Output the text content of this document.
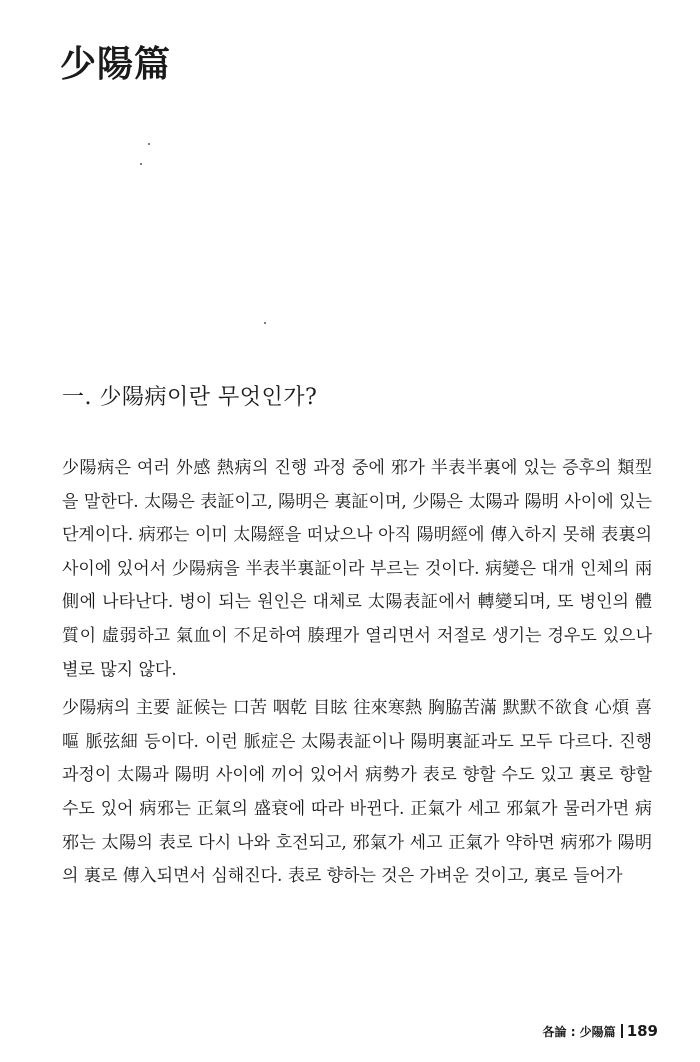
少陽篇
一. 少陽病이란 무엇인가?

少陽病은 여러 外感 熱病의 진행 과정 중에 邪가 半表半裏에 있는 증후의 類型을 말한다. 太陽은 表証이고, 陽明은 裏証이며, 少陽은 太陽과 陽明 사이에 있는 단계이다. 病邪는 이미 太陽經을 떠났으나 아직 陽明經에 傳入하지 못해 表裏의 사이에 있어서 少陽病을 半表半裏証이라 부르는 것이다. 病變은 대개 인체의 兩側에 나타난다. 병이 되는 원인은 대체로 太陽表証에서 轉變되며, 또 병인의 體質이 虛弱하고 氣血이 不足하여 腠理가 열리면서 저절로 생기는 경우도 있으나 별로 많지 않다.

少陽病의 主要 証候는 口苦 咽乾 目眩 往來寒熱 胸脇苦滿 默默不欲食 心煩 喜嘔 脈弦細 등이다. 이런 脈症은 太陽表証이나 陽明裏証과도 모두 다르다. 진행 과정이 太陽과 陽明 사이에 끼어 있어서 病勢가 表로 향할 수도 있고 裏로 향할 수도 있어 病邪는 正氣의 盛衰에 따라 바뀐다. 正氣가 세고 邪氣가 물러가면 病邪는 太陽의 表로 다시 나와 호전되고, 邪氣가 세고 正氣가 약하면 病邪가 陽明의 裏로 傳入되면서 심해진다. 表로 향하는 것은 가벼운 것이고, 裏로 들어가

各論 : 少陽篇 189
